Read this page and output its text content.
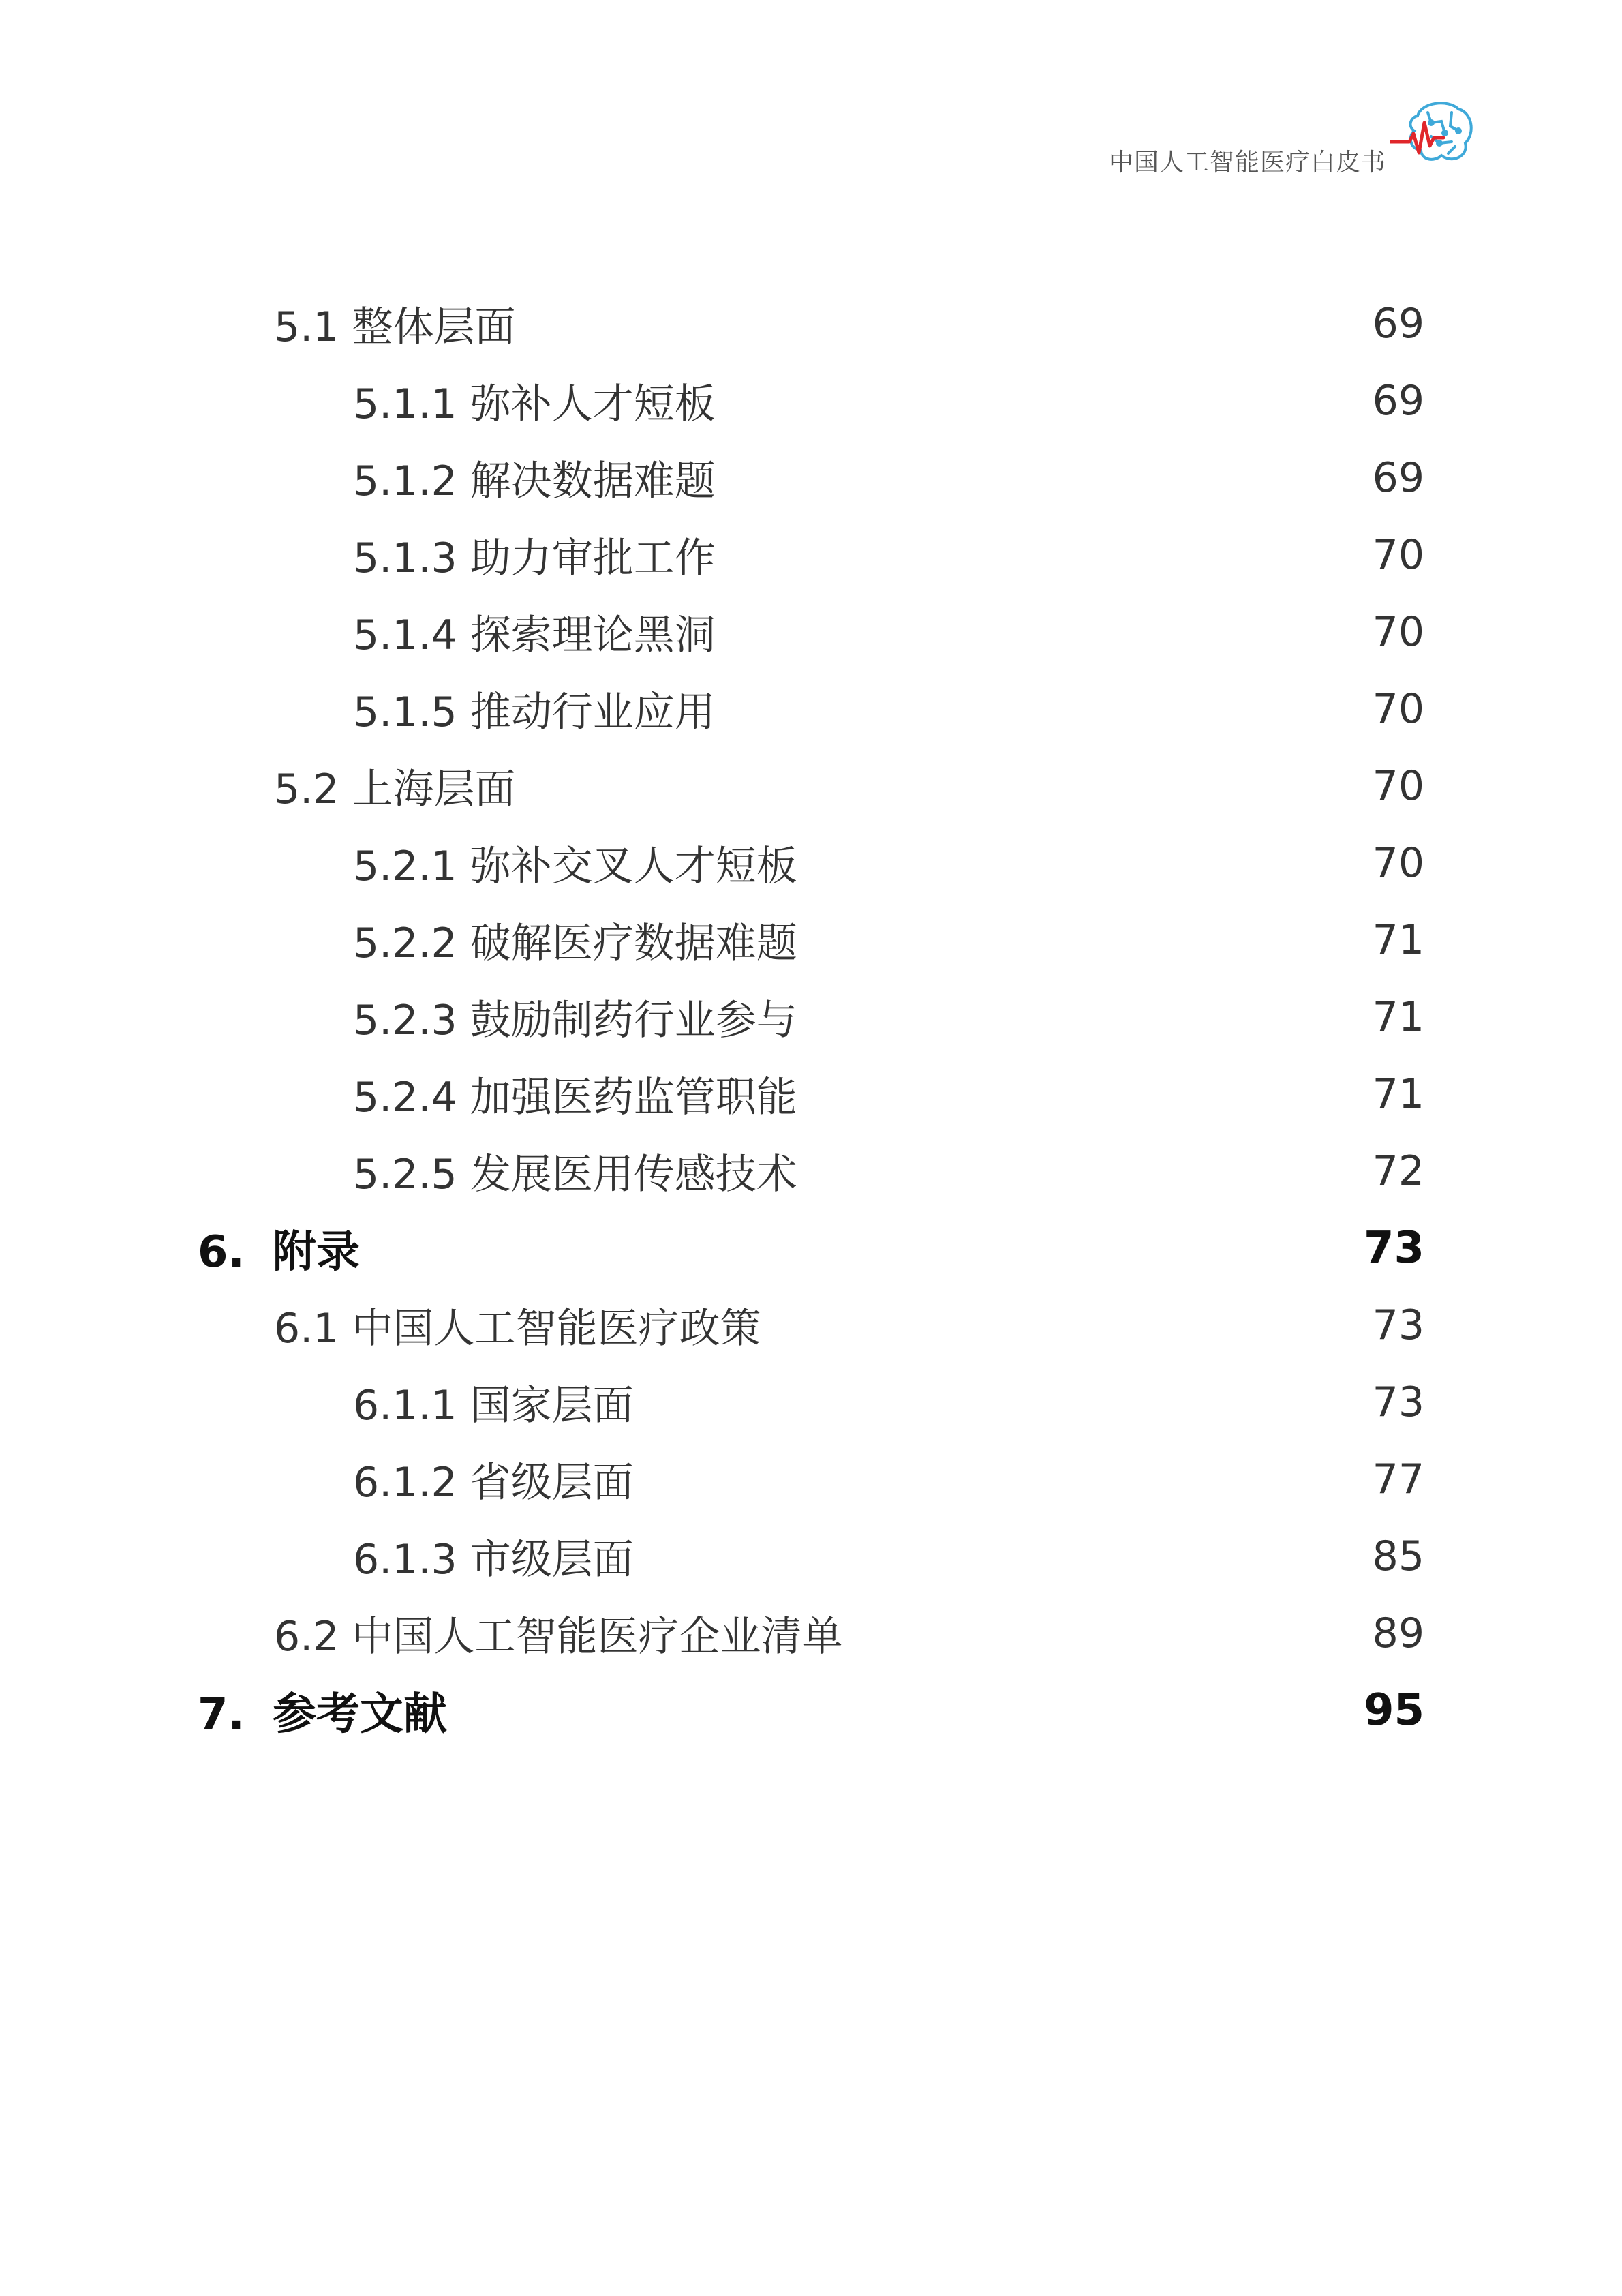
中国人工智能医疗白皮书
5.1 整体层面	69
5.1.1 弥补人才短板	69
5.1.2 解决数据难题	69
5.1.3 助力审批工作	70
5.1.4 探索理论黑洞	70
5.1.5 推动行业应用	70
5.2 上海层面	70
5.2.1 弥补交叉人才短板	70
5.2.2 破解医疗数据难题	71
5.2.3 鼓励制药行业参与	71
5.2.4 加强医药监管职能	71
5.2.5 发展医用传感技术	72
6. 附录	73
6.1 中国人工智能医疗政策	73
6.1.1 国家层面	73
6.1.2 省级层面	77
6.1.3 市级层面	85
6.2 中国人工智能医疗企业清单	89
7. 参考文献	95
